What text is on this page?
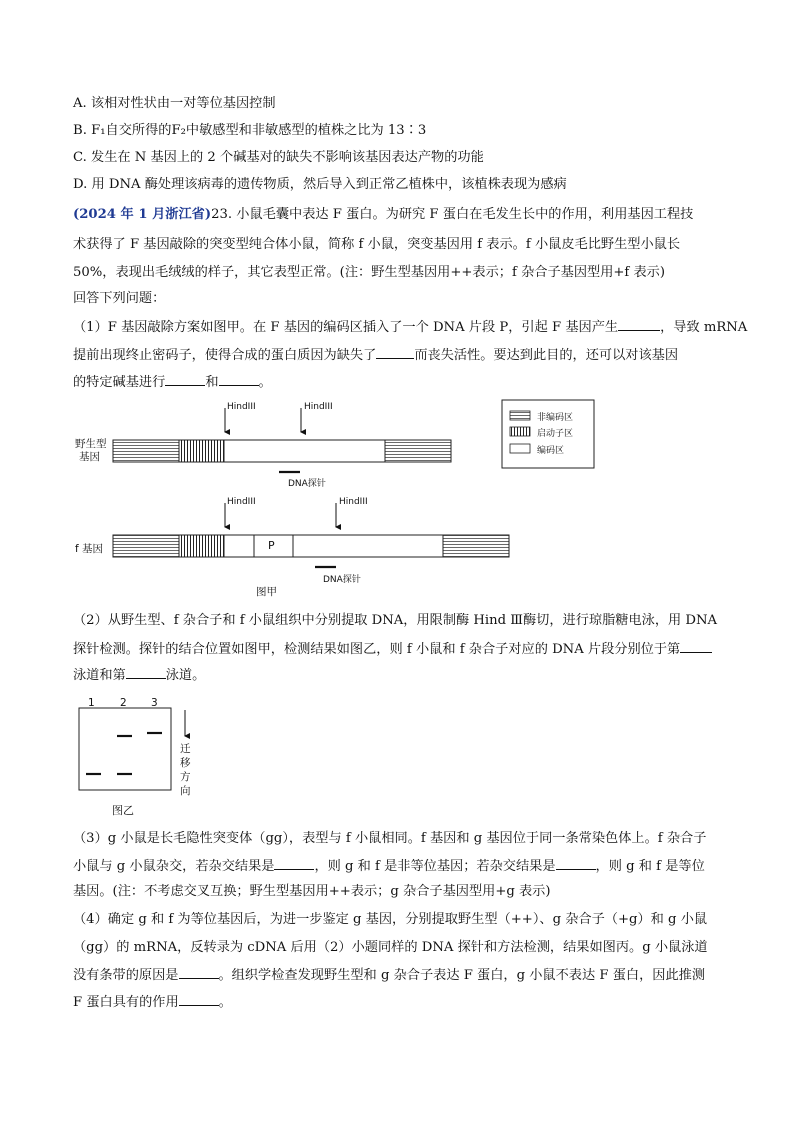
A. 该相对性状由一对等位基因控制
B. F₁自交所得的F₂中敏感型和非敏感型的植株之比为 13∶3
C. 发生在 N 基因上的 2 个碱基对的缺失不影响该基因表达产物的功能
D. 用 DNA 酶处理该病毒的遗传物质，然后导入到正常乙植株中，该植株表现为感病
(2024 年 1 月浙江省)23. 小鼠毛囊中表达 F 蛋白。为研究 F 蛋白在毛发生长中的作用，利用基因工程技
术获得了 F 基因敲除的突变型纯合体小鼠，简称 f 小鼠，突变基因用 f 表示。f 小鼠皮毛比野生型小鼠长
50%，表现出毛绒绒的样子，其它表型正常。(注：野生型基因用++表示；f 杂合子基因型用+f 表示)
回答下列问题：
（1）F 基因敲除方案如图甲。在 F 基因的编码区插入了一个 DNA 片段 P，引起 F 基因产生	，导致 mRNA
提前出现终止密码子，使得合成的蛋白质因为缺失了	而丧失活性。要达到此目的，还可以对该基因
的特定碱基进行	和	。
HindIII	HindIII
HindIII	HindIII
野生型
基因
f 基因	P
DNA探针
DNA探针
图甲
非编码区
启动子区
编码区
（2）从野生型、f 杂合子和 f 小鼠组织中分别提取 DNA，用限制酶 Hind Ⅲ酶切，进行琼脂糖电泳，用 DNA
探针检测。探针的结合位置如图甲，检测结果如图乙，则 f 小鼠和 f 杂合子对应的 DNA 片段分别位于第
泳道和第	泳道。
1 2 3
迁
移
方
向
图乙
（3）g 小鼠是长毛隐性突变体（gg），表型与 f 小鼠相同。f 基因和 g 基因位于同一条常染色体上。f 杂合子
小鼠与 g 小鼠杂交，若杂交结果是	，则 g 和 f 是非等位基因；若杂交结果是	，则 g 和 f 是等位
基因。(注：不考虑交叉互换；野生型基因用++表示；g 杂合子基因型用+g 表示)
（4）确定 g 和 f 为等位基因后，为进一步鉴定 g 基因，分别提取野生型（++）、g 杂合子（+g）和 g 小鼠
（gg）的 mRNA，反转录为 cDNA 后用（2）小题同样的 DNA 探针和方法检测，结果如图丙。g 小鼠泳道
没有条带的原因是	。组织学检查发现野生型和 g 杂合子表达 F 蛋白，g 小鼠不表达 F 蛋白，因此推测
F 蛋白具有的作用	。
